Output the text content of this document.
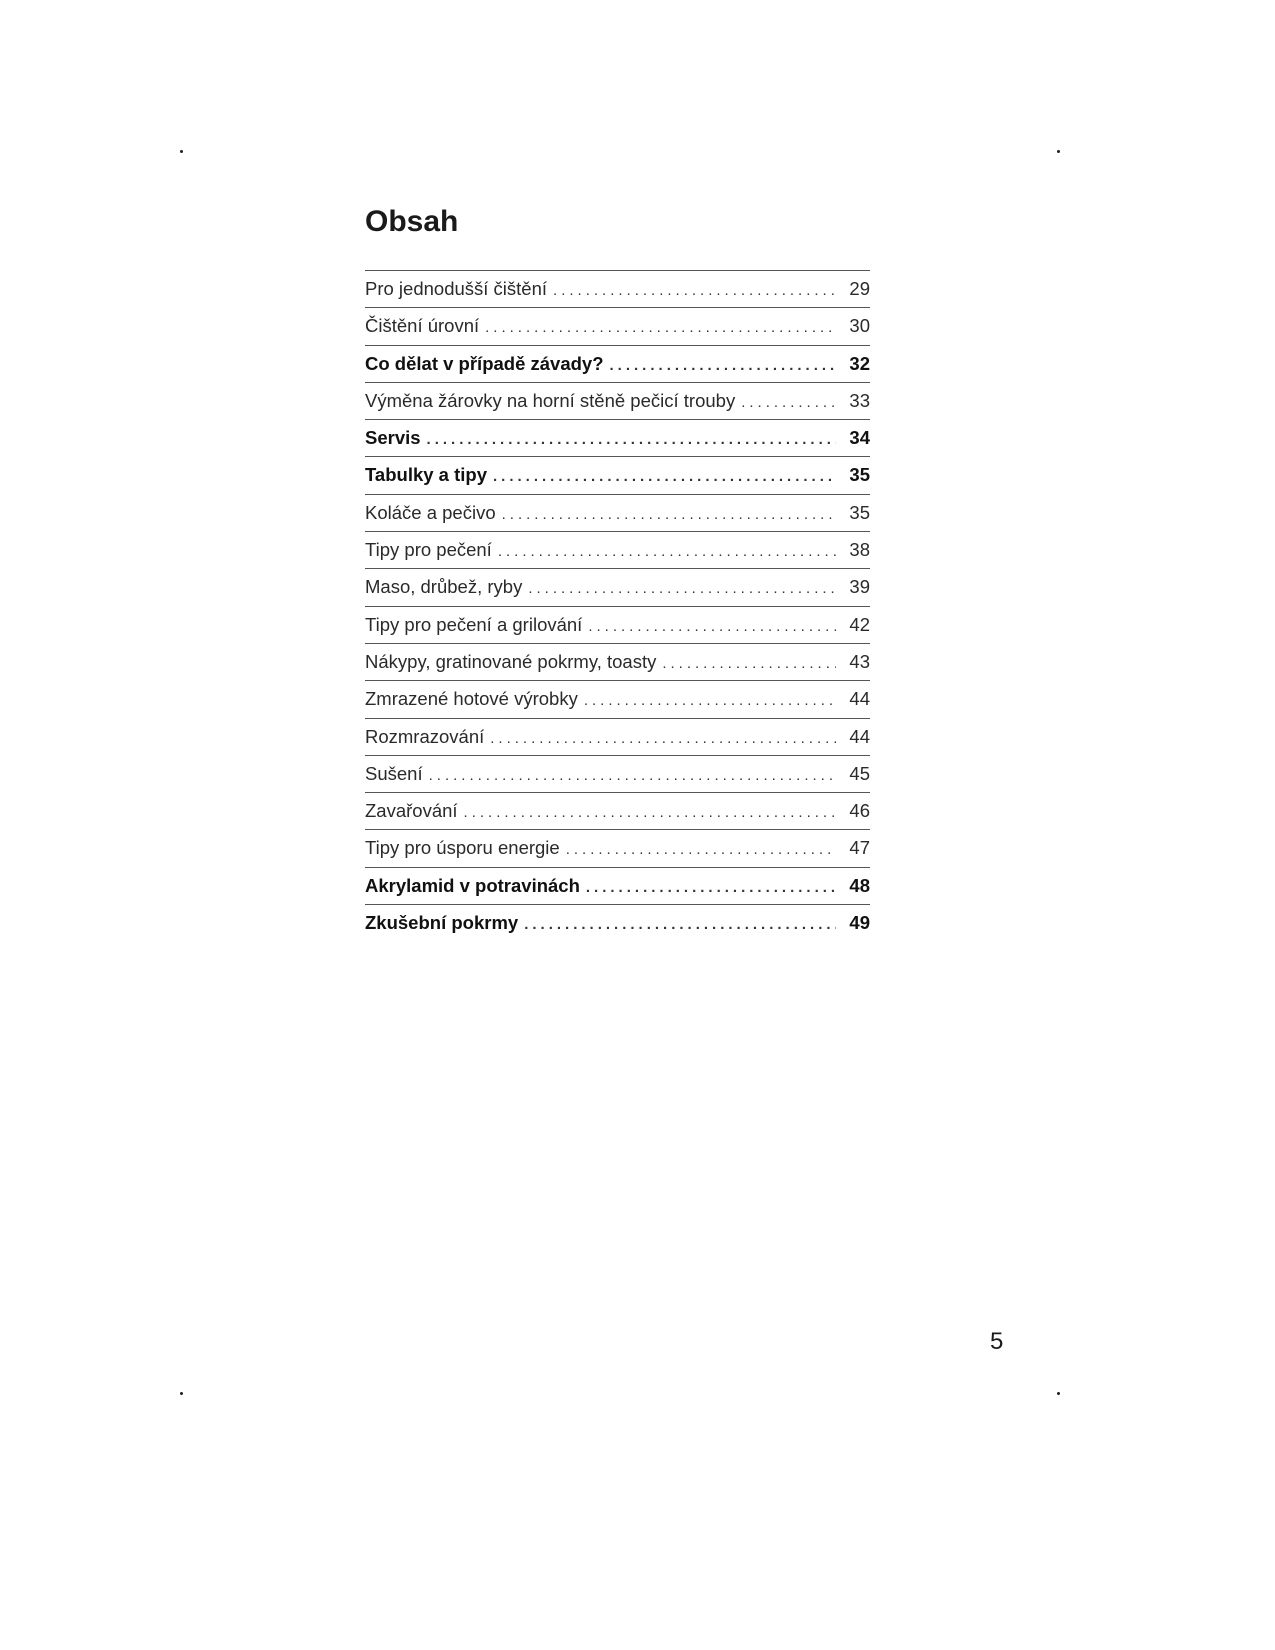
Obsah
Pro jednodušší čištění .....	29
Čištění úrovní .....	30
Co dělat v případě závady? .....	32
Výměna žárovky na horní stěně pečicí trouby .....	33
Servis .....	34
Tabulky a tipy .....	35
Koláče a pečivo .....	35
Tipy pro pečení .....	38
Maso, drůbež, ryby .....	39
Tipy pro pečení a grilování .....	42
Nákypy, gratinované pokrmy, toasty .....	43
Zmrazené hotové výrobky .....	44
Rozmrazování .....	44
Sušení .....	45
Zavařování .....	46
Tipy pro úsporu energie .....	47
Akrylamid v potravinách .....	48
Zkušební pokrmy .....	49
5
